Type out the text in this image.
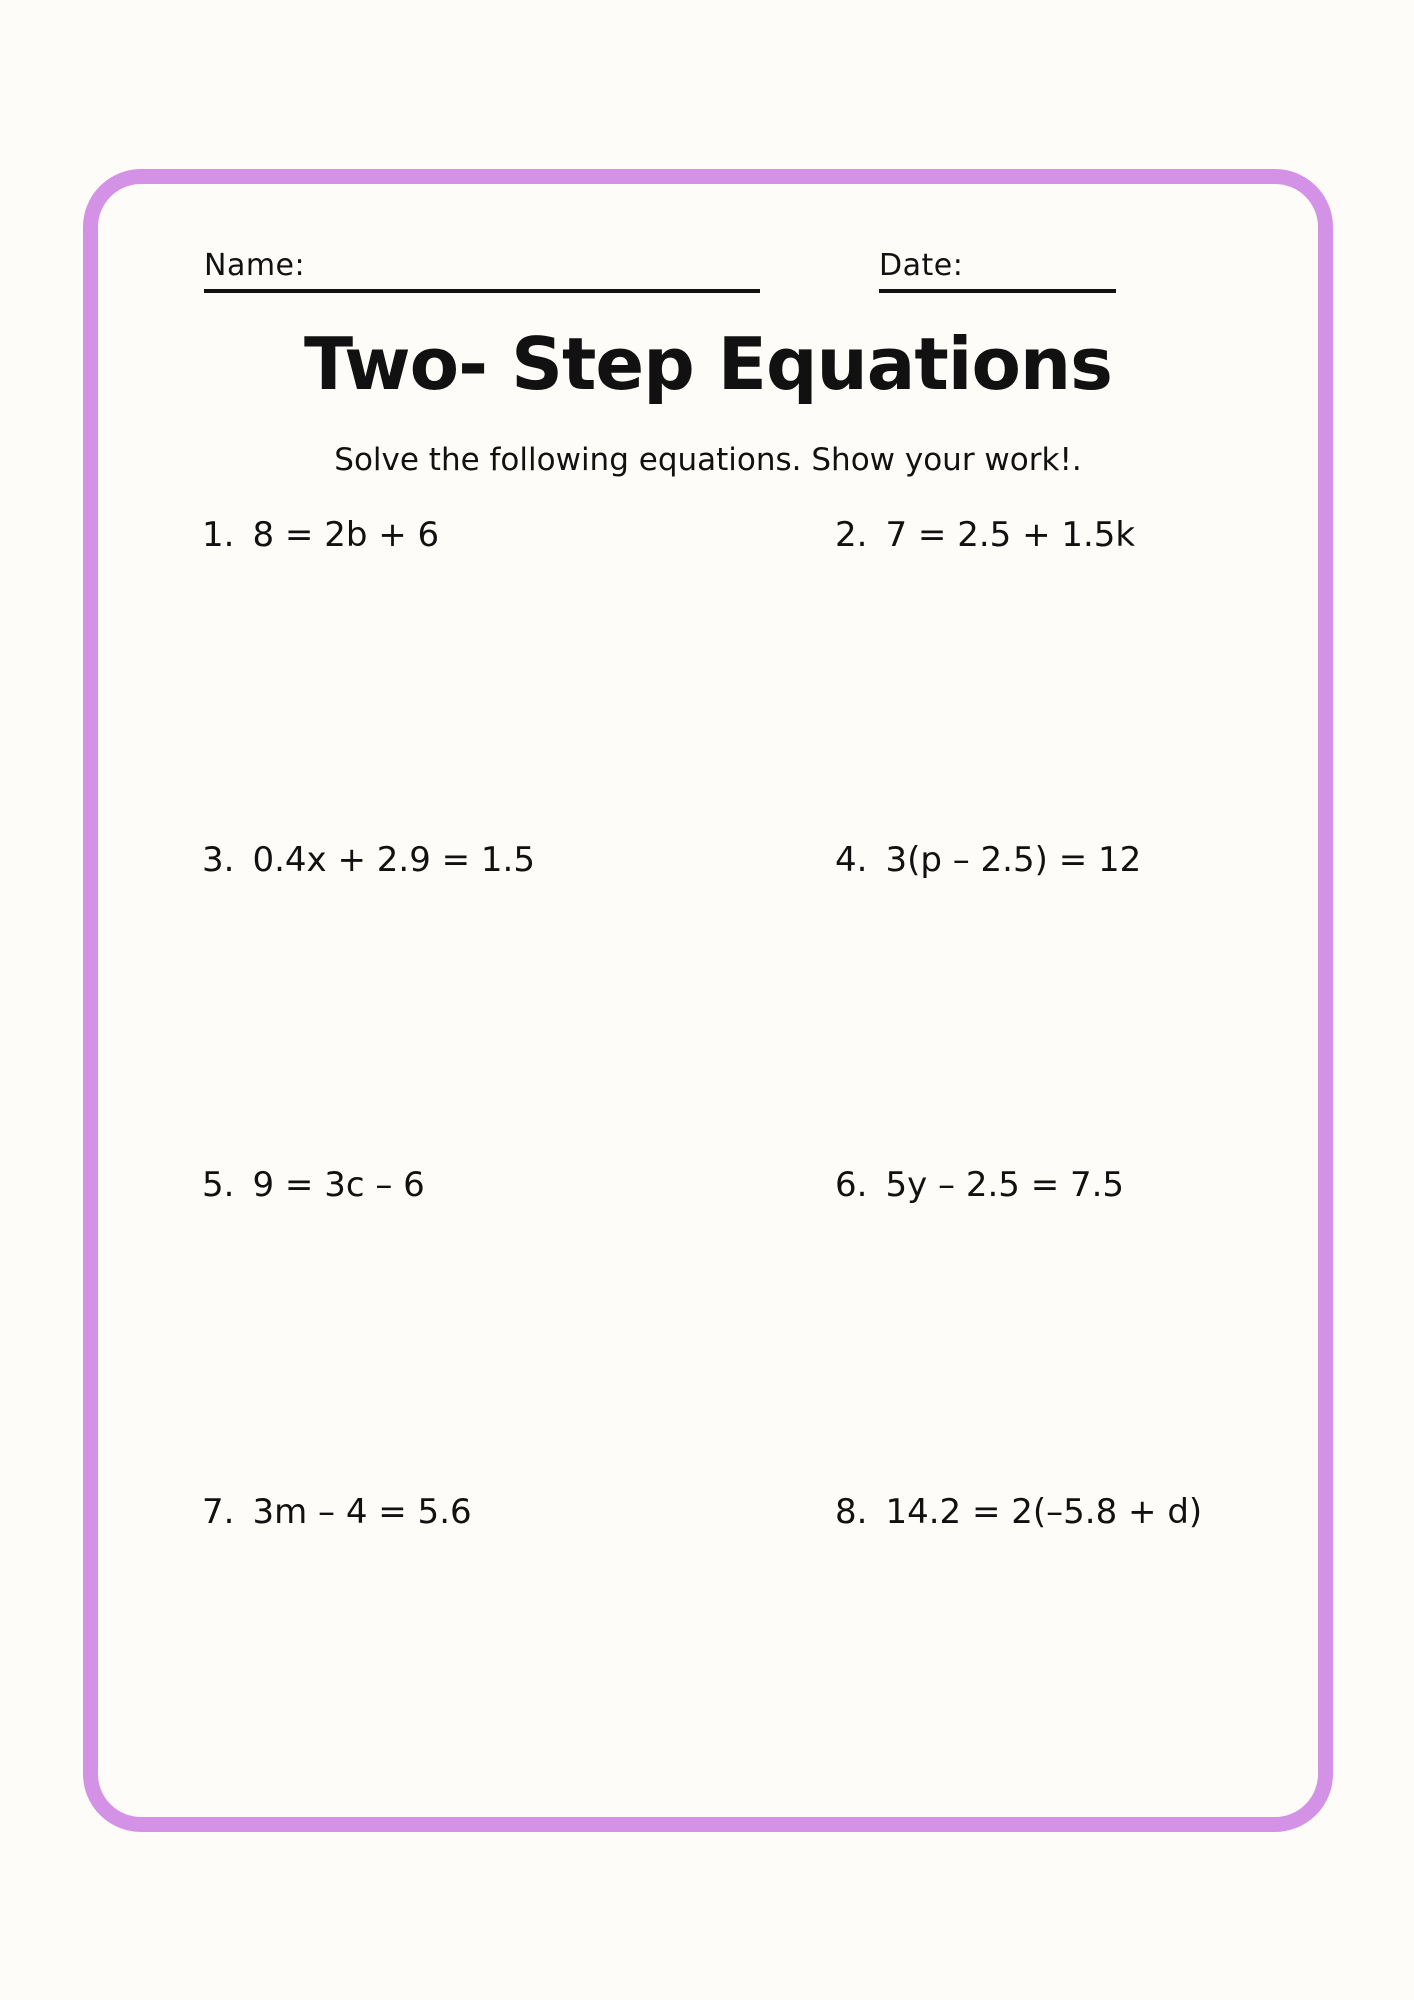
Name:	Date:
Two- Step Equations
Solve the following equations. Show your work!.
1. 8 = 2b + 6	2. 7 = 2.5 + 1.5k
3. 0.4x + 2.9 = 1.5	4. 3(p – 2.5) = 12
5. 9 = 3c – 6	6. 5y – 2.5 = 7.5
7. 3m – 4 = 5.6	8. 14.2 = 2(–5.8 + d)
